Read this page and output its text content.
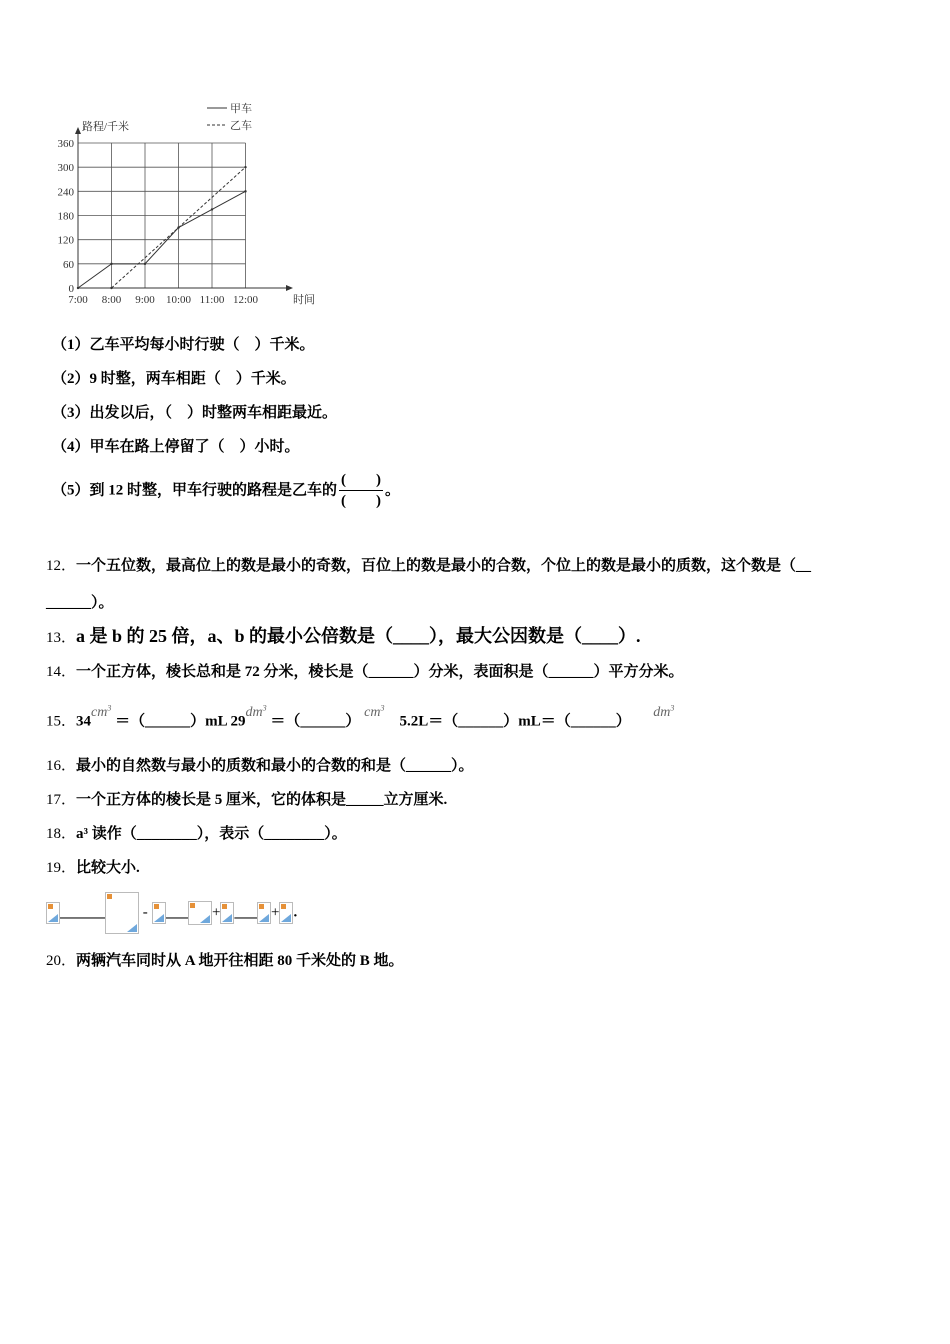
0
60
120
180
240
300
360
7:00 8:00 9:00 10:00 11:00 12:00
路程/千米
时间
甲车
乙车
（1）乙车平均每小时行驶（　）千米。
（2）9 时整，两车相距（　）千米。
（3）出发以后，（　）时整两车相距最近。
（4）甲车在路上停留了（　）小时。
（5）到 12 时整，甲车行驶的路程是乙车的 $\frac{( )}{( )}$ 。
12．一个五位数，最高位上的数是最小的奇数，百位上的数是最小的合数，个位上的数是最小的质数，这个数是（__
______）。
13．a 是 b 的 25 倍，a、b 的最小公倍数是（____），最大公因数是（____）.
14．一个正方体，棱长总和是 72 分米，棱长是（______）分米，表面积是（______）平方分米。
15．$34cm^3$ ＝（______）mL $29dm^3$ ＝（______） $cm^3$    5.2L＝（______）mL＝（______）      $dm^3$
16．最小的自然数与最小的质数和最小的合数的和是（______）。
17．一个正方体的棱长是 5 厘米，它的体积是_____立方厘米.
18．a³ 读作（________），表示（________）。
19．比较大小.
______	- ___ + ___ + .
20．两辆汽车同时从 A 地开往相距 80 千米处的 B 地。
